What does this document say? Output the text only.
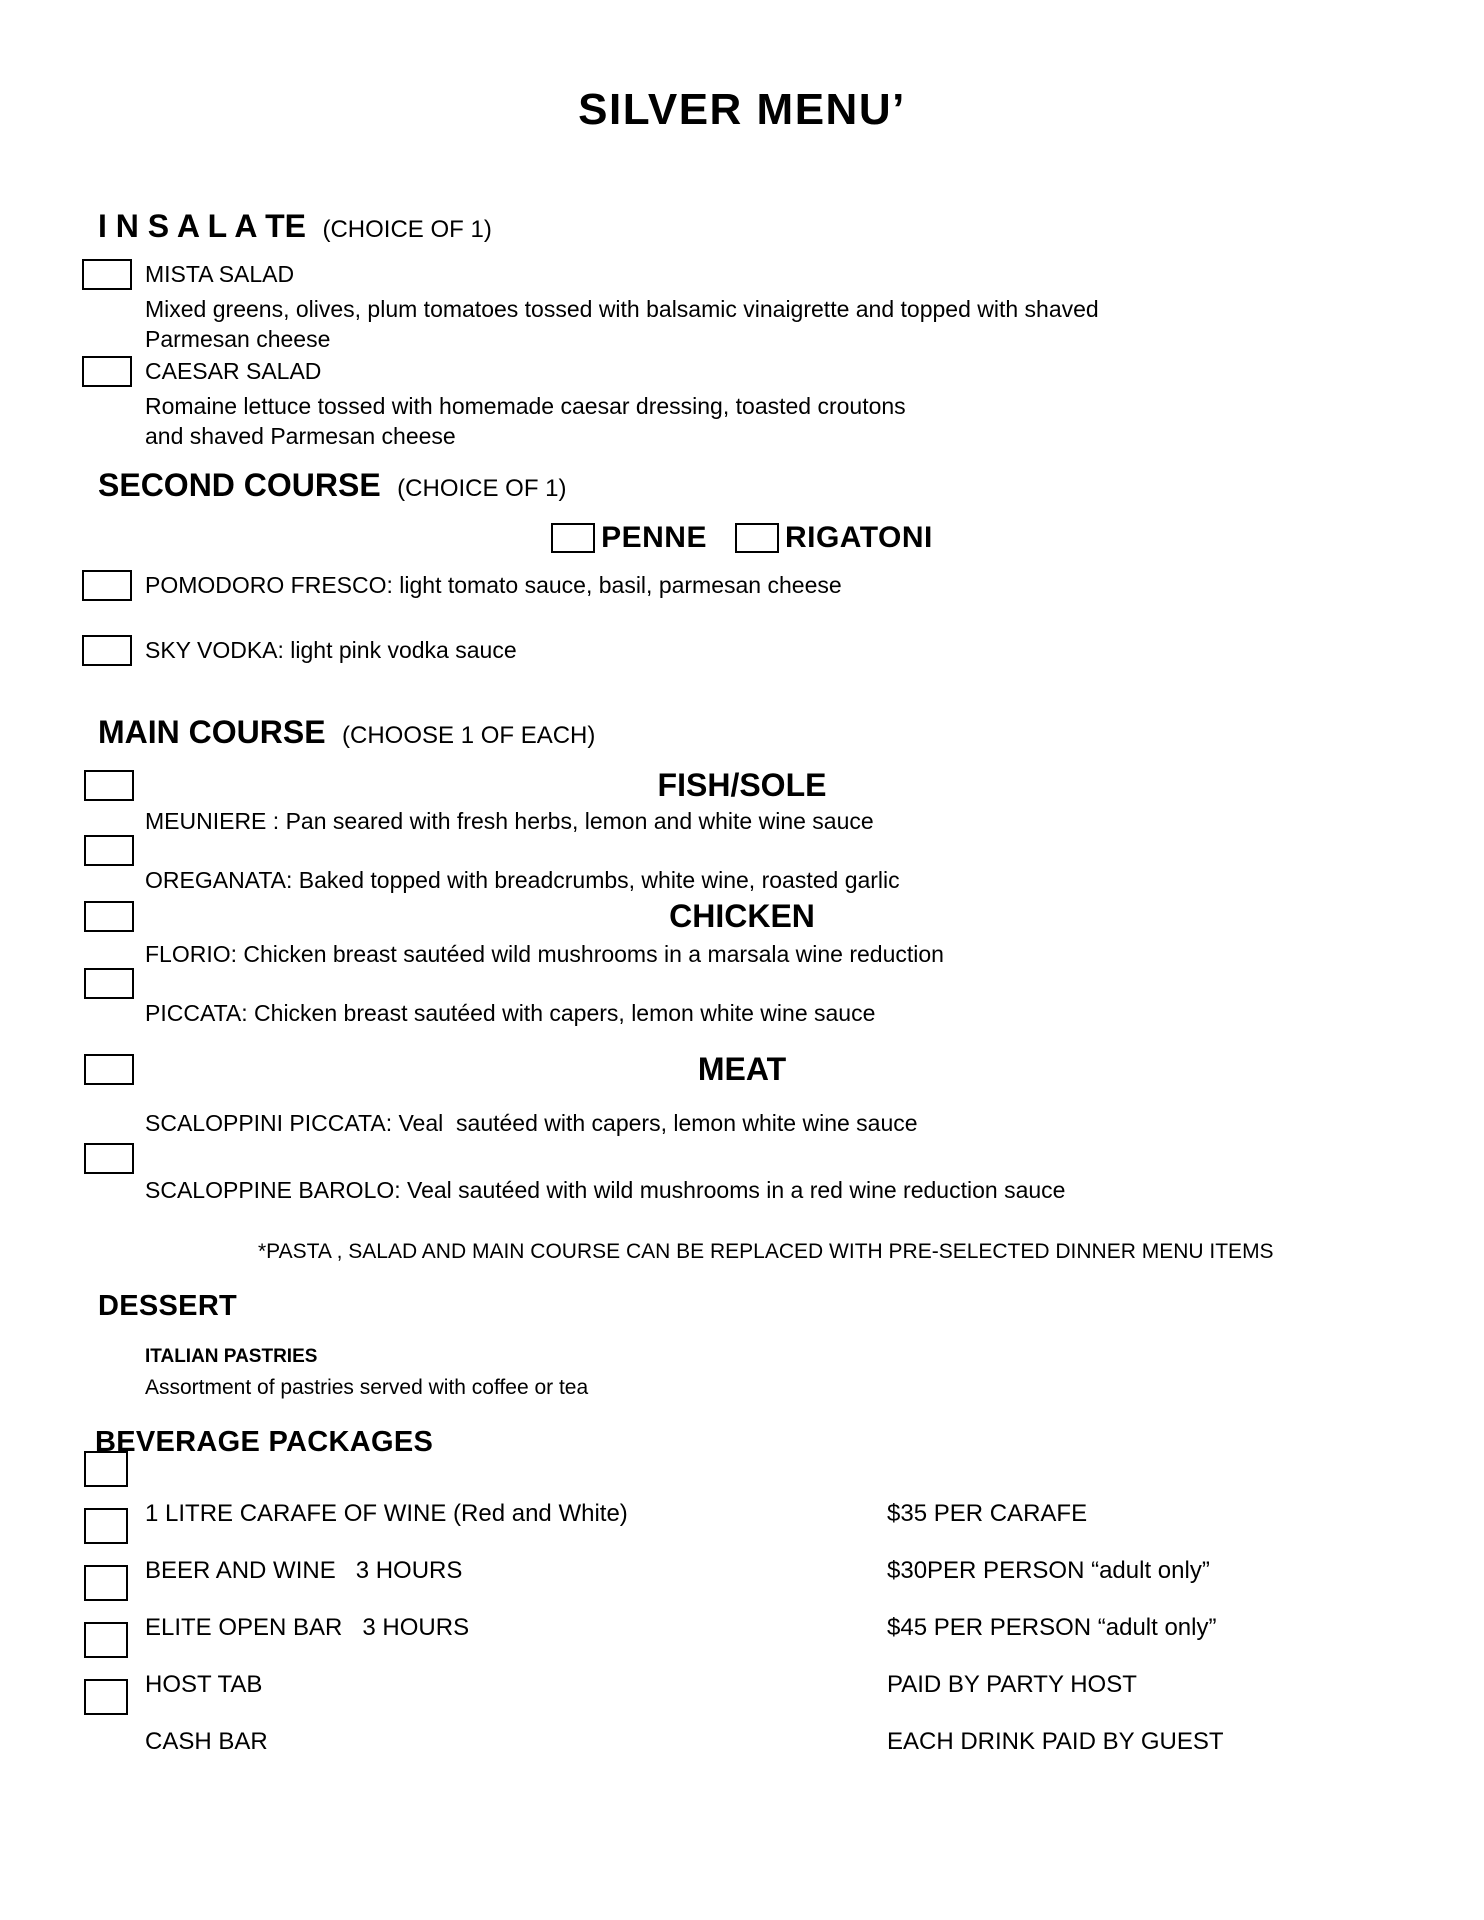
SILVER MENU’
I N S A L A TE (CHOICE OF 1)
MISTA SALAD
Mixed greens, olives, plum tomatoes tossed with balsamic vinaigrette and topped with shaved
Parmesan cheese
CAESAR SALAD
Romaine lettuce tossed with homemade caesar dressing, toasted croutons
and shaved Parmesan cheese
SECOND COURSE (CHOICE OF 1)
PENNE	RIGATONI
POMODORO FRESCO: light tomato sauce, basil, parmesan cheese
SKY VODKA: light pink vodka sauce
MAIN COURSE (CHOOSE 1 OF EACH)
FISH/SOLE
MEUNIERE : Pan seared with fresh herbs, lemon and white wine sauce
OREGANATA: Baked topped with breadcrumbs, white wine, roasted garlic
CHICKEN
FLORIO: Chicken breast sautéed wild mushrooms in a marsala wine reduction
PICCATA: Chicken breast sautéed with capers, lemon white wine sauce
MEAT
SCALOPPINI PICCATA: Veal  sautéed with capers, lemon white wine sauce
SCALOPPINE BAROLO: Veal sautéed with wild mushrooms in a red wine reduction sauce
*PASTA , SALAD AND MAIN COURSE CAN BE REPLACED WITH PRE-SELECTED DINNER MENU ITEMS
DESSERT
ITALIAN PASTRIES
Assortment of pastries served with coffee or tea
BEVERAGE PACKAGES
1 LITRE CARAFE OF WINE (Red and White)	$35 PER CARAFE
BEER AND WINE   3 HOURS	$30PER PERSON “adult only”
ELITE OPEN BAR   3 HOURS	$45 PER PERSON “adult only”
HOST TAB	PAID BY PARTY HOST
CASH BAR	EACH DRINK PAID BY GUEST
